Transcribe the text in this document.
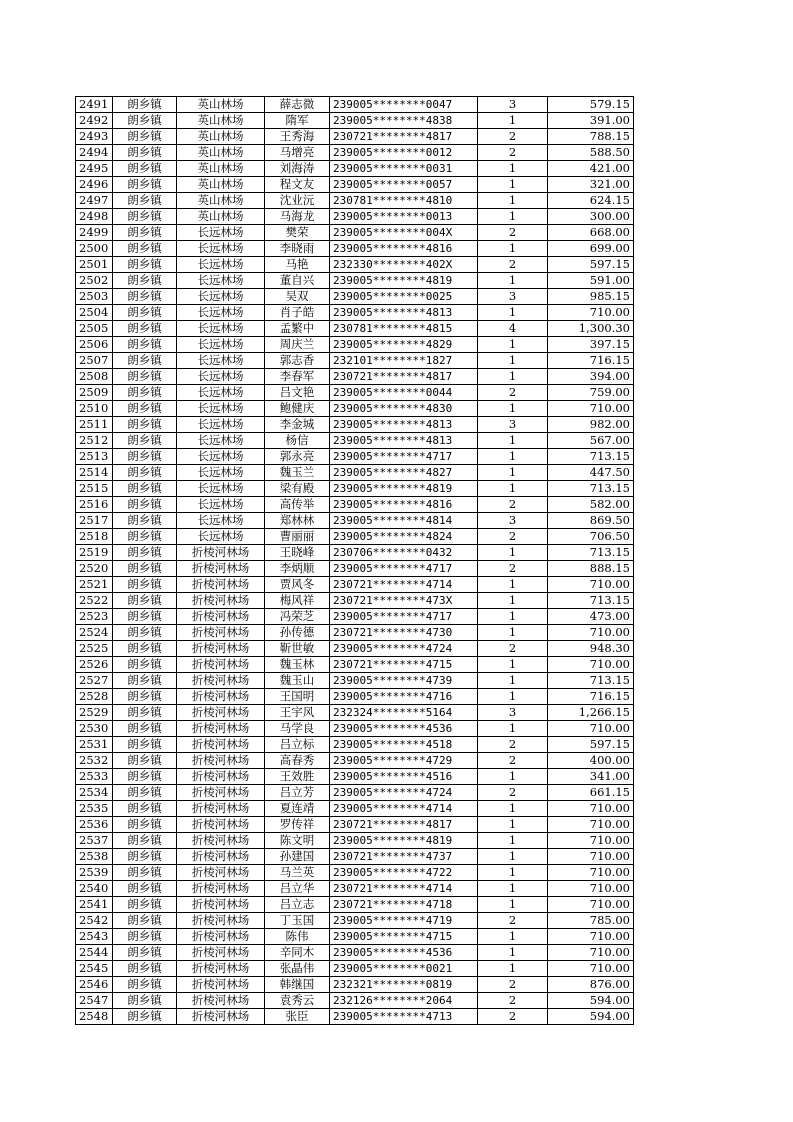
2491	朗乡镇	英山林场	薛志微	239005********0047	3	579.15
2492	朗乡镇	英山林场	隋军	239005********4838	1	391.00
2493	朗乡镇	英山林场	王秀海	230721********4817	2	788.15
2494	朗乡镇	英山林场	马增亮	239005********0012	2	588.50
2495	朗乡镇	英山林场	刘海涛	239005********0031	1	421.00
2496	朗乡镇	英山林场	程文友	239005********0057	1	321.00
2497	朗乡镇	英山林场	沈业沅	230781********4810	1	624.15
2498	朗乡镇	英山林场	马海龙	239005********0013	1	300.00
2499	朗乡镇	长远林场	樊荣	239005********004X	2	668.00
2500	朗乡镇	长远林场	李晓雨	239005********4816	1	699.00
2501	朗乡镇	长远林场	马艳	232330********402X	2	597.15
2502	朗乡镇	长远林场	董自兴	239005********4819	1	591.00
2503	朗乡镇	长远林场	吴双	239005********0025	3	985.15
2504	朗乡镇	长远林场	肖子皓	239005********4813	1	710.00
2505	朗乡镇	长远林场	孟繁中	230781********4815	4	1,300.30
2506	朗乡镇	长远林场	周庆兰	239005********4829	1	397.15
2507	朗乡镇	长远林场	郭志香	232101********1827	1	716.15
2508	朗乡镇	长远林场	李春军	230721********4817	1	394.00
2509	朗乡镇	长远林场	吕文艳	239005********0044	2	759.00
2510	朗乡镇	长远林场	鲍健庆	239005********4830	1	710.00
2511	朗乡镇	长远林场	李金城	239005********4813	3	982.00
2512	朗乡镇	长远林场	杨信	239005********4813	1	567.00
2513	朗乡镇	长远林场	郭永亮	239005********4717	1	713.15
2514	朗乡镇	长远林场	魏玉兰	239005********4827	1	447.50
2515	朗乡镇	长远林场	梁有殿	239005********4819	1	713.15
2516	朗乡镇	长远林场	高传举	239005********4816	2	582.00
2517	朗乡镇	长远林场	郑林林	239005********4814	3	869.50
2518	朗乡镇	长远林场	曹丽丽	239005********4824	2	706.50
2519	朗乡镇	折棱河林场	王晓峰	230706********0432	1	713.15
2520	朗乡镇	折棱河林场	李炳顺	239005********4717	2	888.15
2521	朗乡镇	折棱河林场	贾风冬	230721********4714	1	710.00
2522	朗乡镇	折棱河林场	梅风祥	230721********473X	1	713.15
2523	朗乡镇	折棱河林场	冯荣芝	239005********4717	1	473.00
2524	朗乡镇	折棱河林场	孙传德	230721********4730	1	710.00
2525	朗乡镇	折棱河林场	靳世敏	239005********4724	2	948.30
2526	朗乡镇	折棱河林场	魏玉林	230721********4715	1	710.00
2527	朗乡镇	折棱河林场	魏玉山	239005********4739	1	713.15
2528	朗乡镇	折棱河林场	王国明	239005********4716	1	716.15
2529	朗乡镇	折棱河林场	王宇风	232324********5164	3	1,266.15
2530	朗乡镇	折棱河林场	马学良	239005********4536	1	710.00
2531	朗乡镇	折棱河林场	吕立标	239005********4518	2	597.15
2532	朗乡镇	折棱河林场	高春秀	239005********4729	2	400.00
2533	朗乡镇	折棱河林场	王效胜	239005********4516	1	341.00
2534	朗乡镇	折棱河林场	吕立芳	239005********4724	2	661.15
2535	朗乡镇	折棱河林场	夏连靖	239005********4714	1	710.00
2536	朗乡镇	折棱河林场	罗传祥	230721********4817	1	710.00
2537	朗乡镇	折棱河林场	陈文明	239005********4819	1	710.00
2538	朗乡镇	折棱河林场	孙建国	230721********4737	1	710.00
2539	朗乡镇	折棱河林场	马兰英	239005********4722	1	710.00
2540	朗乡镇	折棱河林场	吕立华	230721********4714	1	710.00
2541	朗乡镇	折棱河林场	吕立志	230721********4718	1	710.00
2542	朗乡镇	折棱河林场	丁玉国	239005********4719	2	785.00
2543	朗乡镇	折棱河林场	陈伟	239005********4715	1	710.00
2544	朗乡镇	折棱河林场	辛同木	239005********4536	1	710.00
2545	朗乡镇	折棱河林场	张晶伟	239005********0021	1	710.00
2546	朗乡镇	折棱河林场	韩继国	232321********0819	2	876.00
2547	朗乡镇	折棱河林场	袁秀云	232126********2064	2	594.00
2548	朗乡镇	折棱河林场	张臣	239005********4713	2	594.00
